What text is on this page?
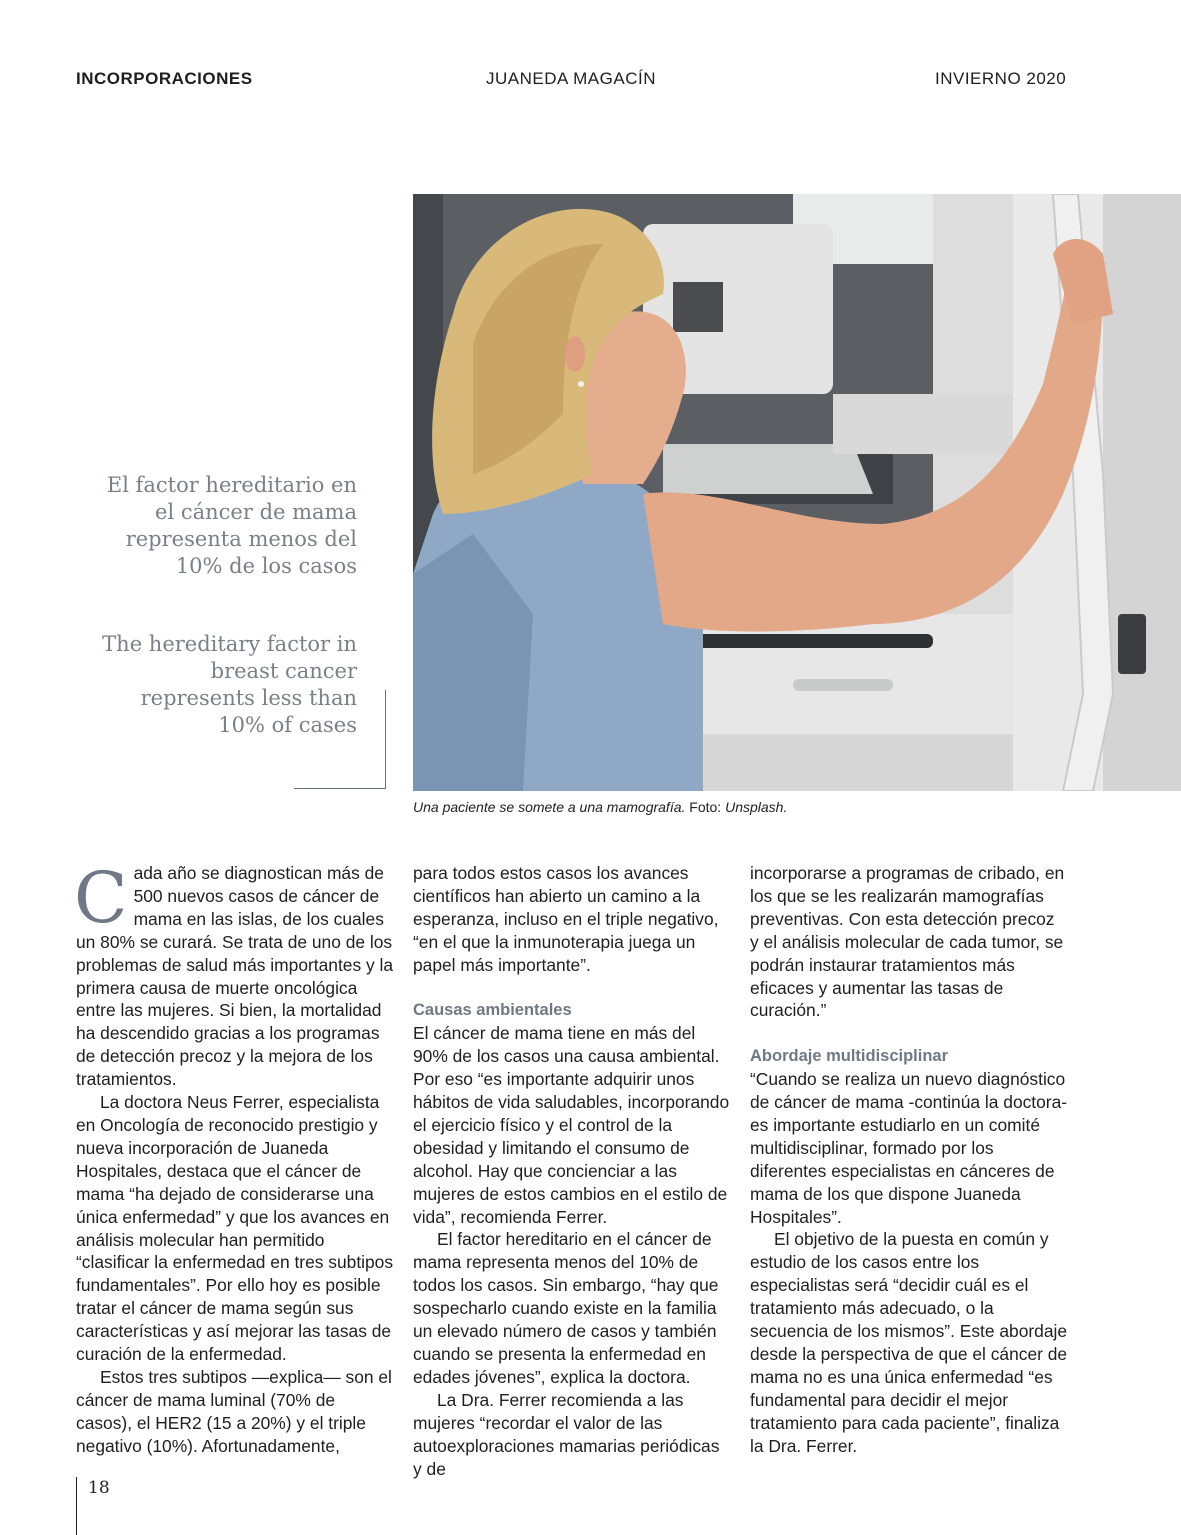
INCORPORACIONES	JUANEDA MAGACÍN	INVIERNO 2020
Una paciente se somete a una mamografía. Foto: Unsplash.
El factor hereditario en el cáncer de mama representa menos del 10% de los casos
The hereditary factor in breast cancer represents less than 10% of cases

Cada año se diagnostican más de 500 nuevos casos de cáncer de mama en las islas, de los cuales un 80% se curará. Se trata de uno de los problemas de salud más importantes y la primera causa de muerte oncológica entre las mujeres. Si bien, la mortalidad ha descendido gracias a los programas de detección precoz y la mejora de los tratamientos.

La doctora Neus Ferrer, especialista en Oncología de reconocido prestigio y nueva incorporación de Juaneda Hospitales, destaca que el cáncer de mama “ha dejado de considerarse una única enfermedad” y que los avances en análisis molecular han permitido “clasificar la enfermedad en tres subtipos fundamentales”. Por ello hoy es posible tratar el cáncer de mama según sus características y así mejorar las tasas de curación de la enfermedad.

Estos tres subtipos —explica— son el cáncer de mama luminal (70% de casos), el HER2 (15 a 20%) y el triple negativo (10%). Afortunadamente,

para todos estos casos los avances científicos han abierto un camino a la esperanza, incluso en el triple negativo, “en el que la inmunoterapia juega un papel más importante”.

Causas ambientales

El cáncer de mama tiene en más del 90% de los casos una causa ambiental. Por eso “es importante adquirir unos hábitos de vida saludables, incorporando el ejercicio físico y el control de la obesidad y limitando el consumo de alcohol. Hay que concienciar a las mujeres de estos cambios en el estilo de vida”, recomienda Ferrer.

El factor hereditario en el cáncer de mama representa menos del 10% de todos los casos. Sin embargo, “hay que sospecharlo cuando existe en la familia un elevado número de casos y también cuando se presenta la enfermedad en edades jóvenes”, explica la doctora.

La Dra. Ferrer recomienda a las mujeres “recordar el valor de las autoexploraciones mamarias periódicas y de

incorporarse a programas de cribado, en los que se les realizarán mamografías preventivas. Con esta detección precoz y el análisis molecular de cada tumor, se podrán instaurar tratamientos más eficaces y aumentar las tasas de curación.”

Abordaje multidisciplinar

“Cuando se realiza un nuevo diagnóstico de cáncer de mama -continúa la doctora- es importante estudiarlo en un comité multidisciplinar, formado por los diferentes especialistas en cánceres de mama de los que dispone Juaneda Hospitales”.

El objetivo de la puesta en común y estudio de los casos entre los especialistas será “decidir cuál es el tratamiento más adecuado, o la secuencia de los mismos”. Este abordaje desde la perspectiva de que el cáncer de mama no es una única enfermedad “es fundamental para decidir el mejor tratamiento para cada paciente”, finaliza la Dra. Ferrer.

18
